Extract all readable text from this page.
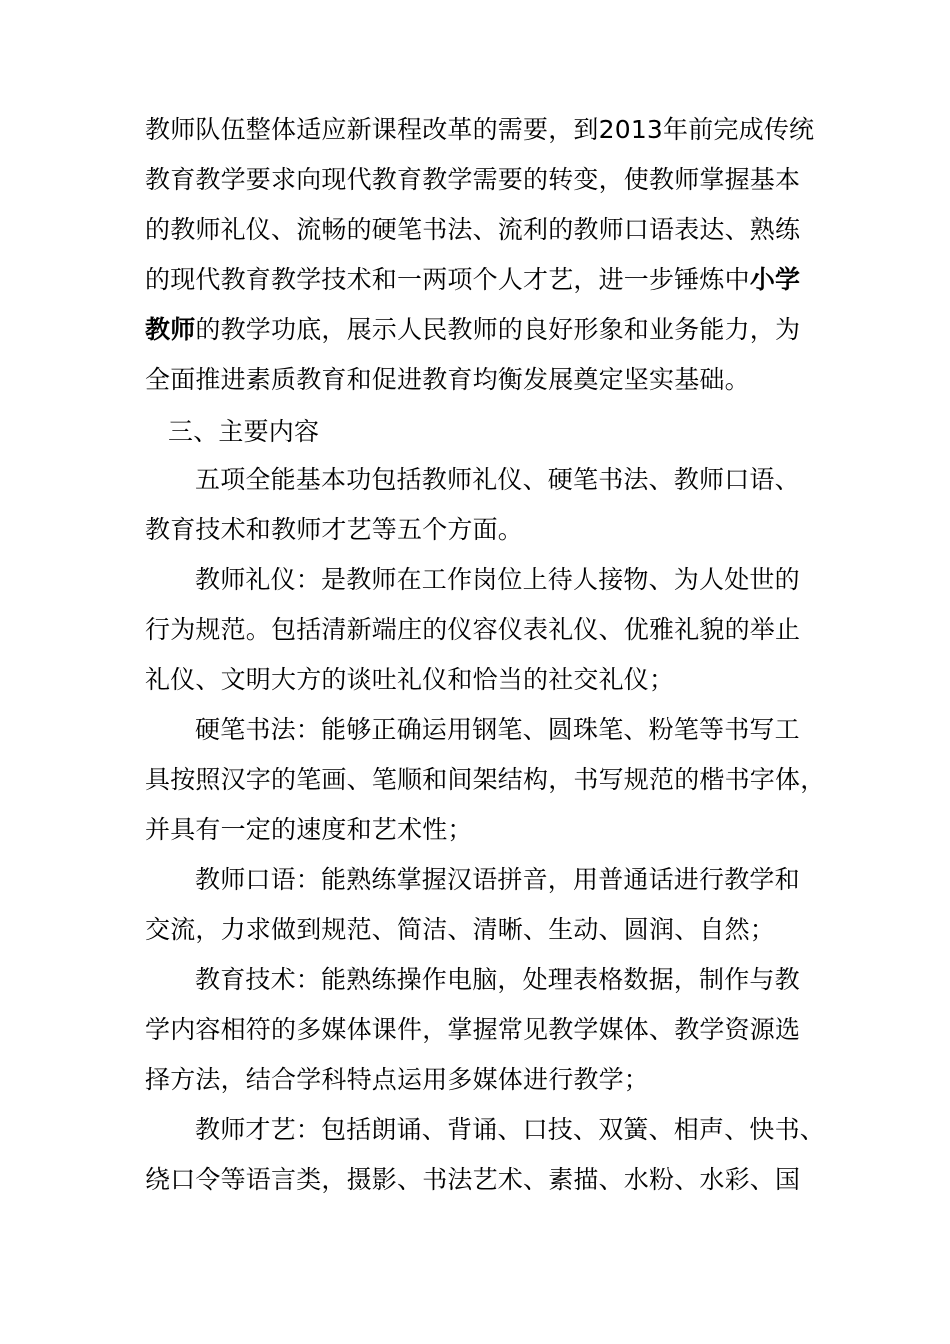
教师队伍整体适应新课程改革的需要，到2013年前完成传统
教育教学要求向现代教育教学需要的转变，使教师掌握基本
的教师礼仪、流畅的硬笔书法、流利的教师口语表达、熟练
的现代教育教学技术和一两项个人才艺，进一步锤炼中小学
教师的教学功底，展示人民教师的良好形象和业务能力，为
全面推进素质教育和促进教育均衡发展奠定坚实基础。
三、主要内容
五项全能基本功包括教师礼仪、硬笔书法、教师口语、
教育技术和教师才艺等五个方面。
教师礼仪：是教师在工作岗位上待人接物、为人处世的
行为规范。包括清新端庄的仪容仪表礼仪、优雅礼貌的举止
礼仪、文明大方的谈吐礼仪和恰当的社交礼仪；
硬笔书法：能够正确运用钢笔、圆珠笔、粉笔等书写工
具按照汉字的笔画、笔顺和间架结构，书写规范的楷书字体，
并具有一定的速度和艺术性；
教师口语：能熟练掌握汉语拼音，用普通话进行教学和
交流，力求做到规范、简洁、清晰、生动、圆润、自然；
教育技术：能熟练操作电脑，处理表格数据，制作与教
学内容相符的多媒体课件，掌握常见教学媒体、教学资源选
择方法，结合学科特点运用多媒体进行教学；
教师才艺：包括朗诵、背诵、口技、双簧、相声、快书、
绕口令等语言类，摄影、书法艺术、素描、水粉、水彩、国
